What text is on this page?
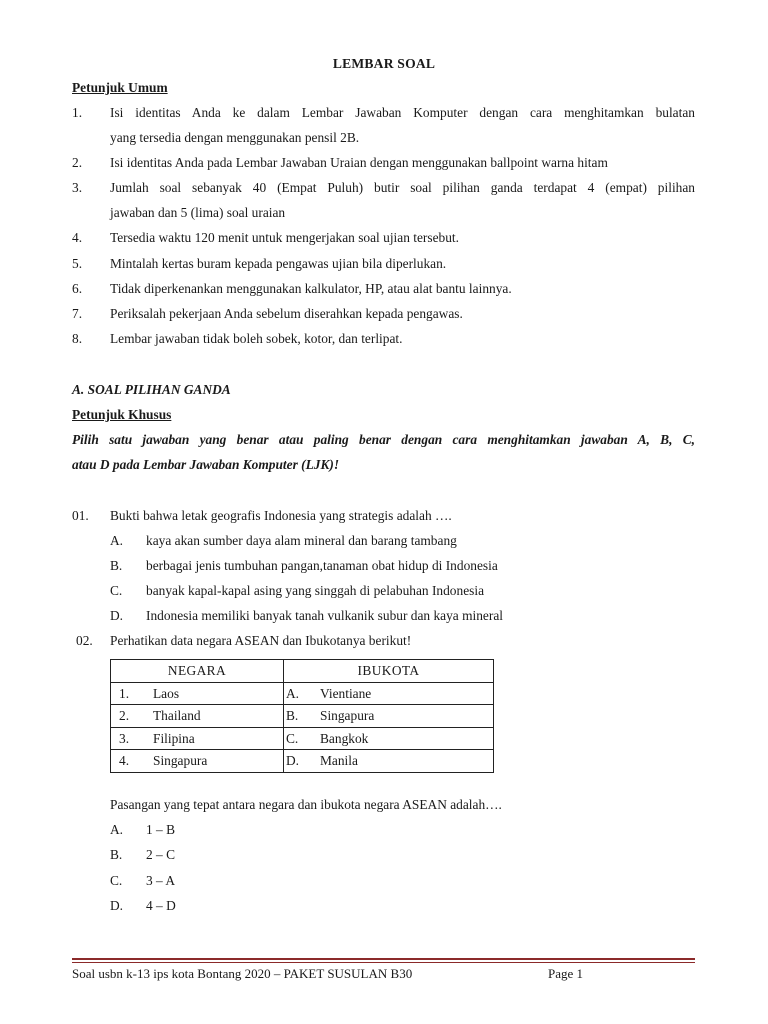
LEMBAR SOAL
Petunjuk Umum
1. Isi identitas Anda ke dalam Lembar Jawaban Komputer dengan cara menghitamkan bulatan
yang tersedia dengan menggunakan pensil 2B.
2. Isi identitas Anda pada Lembar Jawaban Uraian dengan menggunakan ballpoint warna hitam
3. Jumlah soal sebanyak 40 (Empat Puluh) butir soal pilihan ganda terdapat 4 (empat) pilihan
jawaban dan 5 (lima) soal uraian
4. Tersedia waktu 120 menit untuk mengerjakan soal ujian tersebut.
5. Mintalah kertas buram kepada pengawas ujian bila diperlukan.
6. Tidak diperkenankan menggunakan kalkulator, HP, atau alat bantu lainnya.
7. Periksalah pekerjaan Anda sebelum diserahkan kepada pengawas.
8. Lembar jawaban tidak boleh sobek, kotor, dan terlipat.
A. SOAL PILIHAN GANDA
Petunjuk Khusus
Pilih satu jawaban yang benar atau paling benar dengan cara menghitamkan jawaban A, B, C,
atau D pada Lembar Jawaban Komputer (LJK)!
01. Bukti bahwa letak geografis Indonesia yang strategis adalah ….
A. kaya akan sumber daya alam mineral dan barang tambang
B. berbagai jenis tumbuhan pangan,tanaman obat hidup di Indonesia
C. banyak kapal-kapal asing yang singgah di pelabuhan Indonesia
D. Indonesia memiliki banyak tanah vulkanik subur dan kaya mineral
02. Perhatikan data negara ASEAN dan Ibukotanya berikut!
NEGARA	IBUKOTA

1. Laos	A. Vientiane

2. Thailand	B. Singapura

3. Filipina	C. Bangkok

4. Singapura	D. Manila
Pasangan yang tepat antara negara dan ibukota negara ASEAN adalah….
A. 1 – B
B. 2 – C
C. 3 – A
D. 4 – D
Soal usbn k-13 ips kota Bontang 2020 – PAKET SUSULAN B30	Page 1
